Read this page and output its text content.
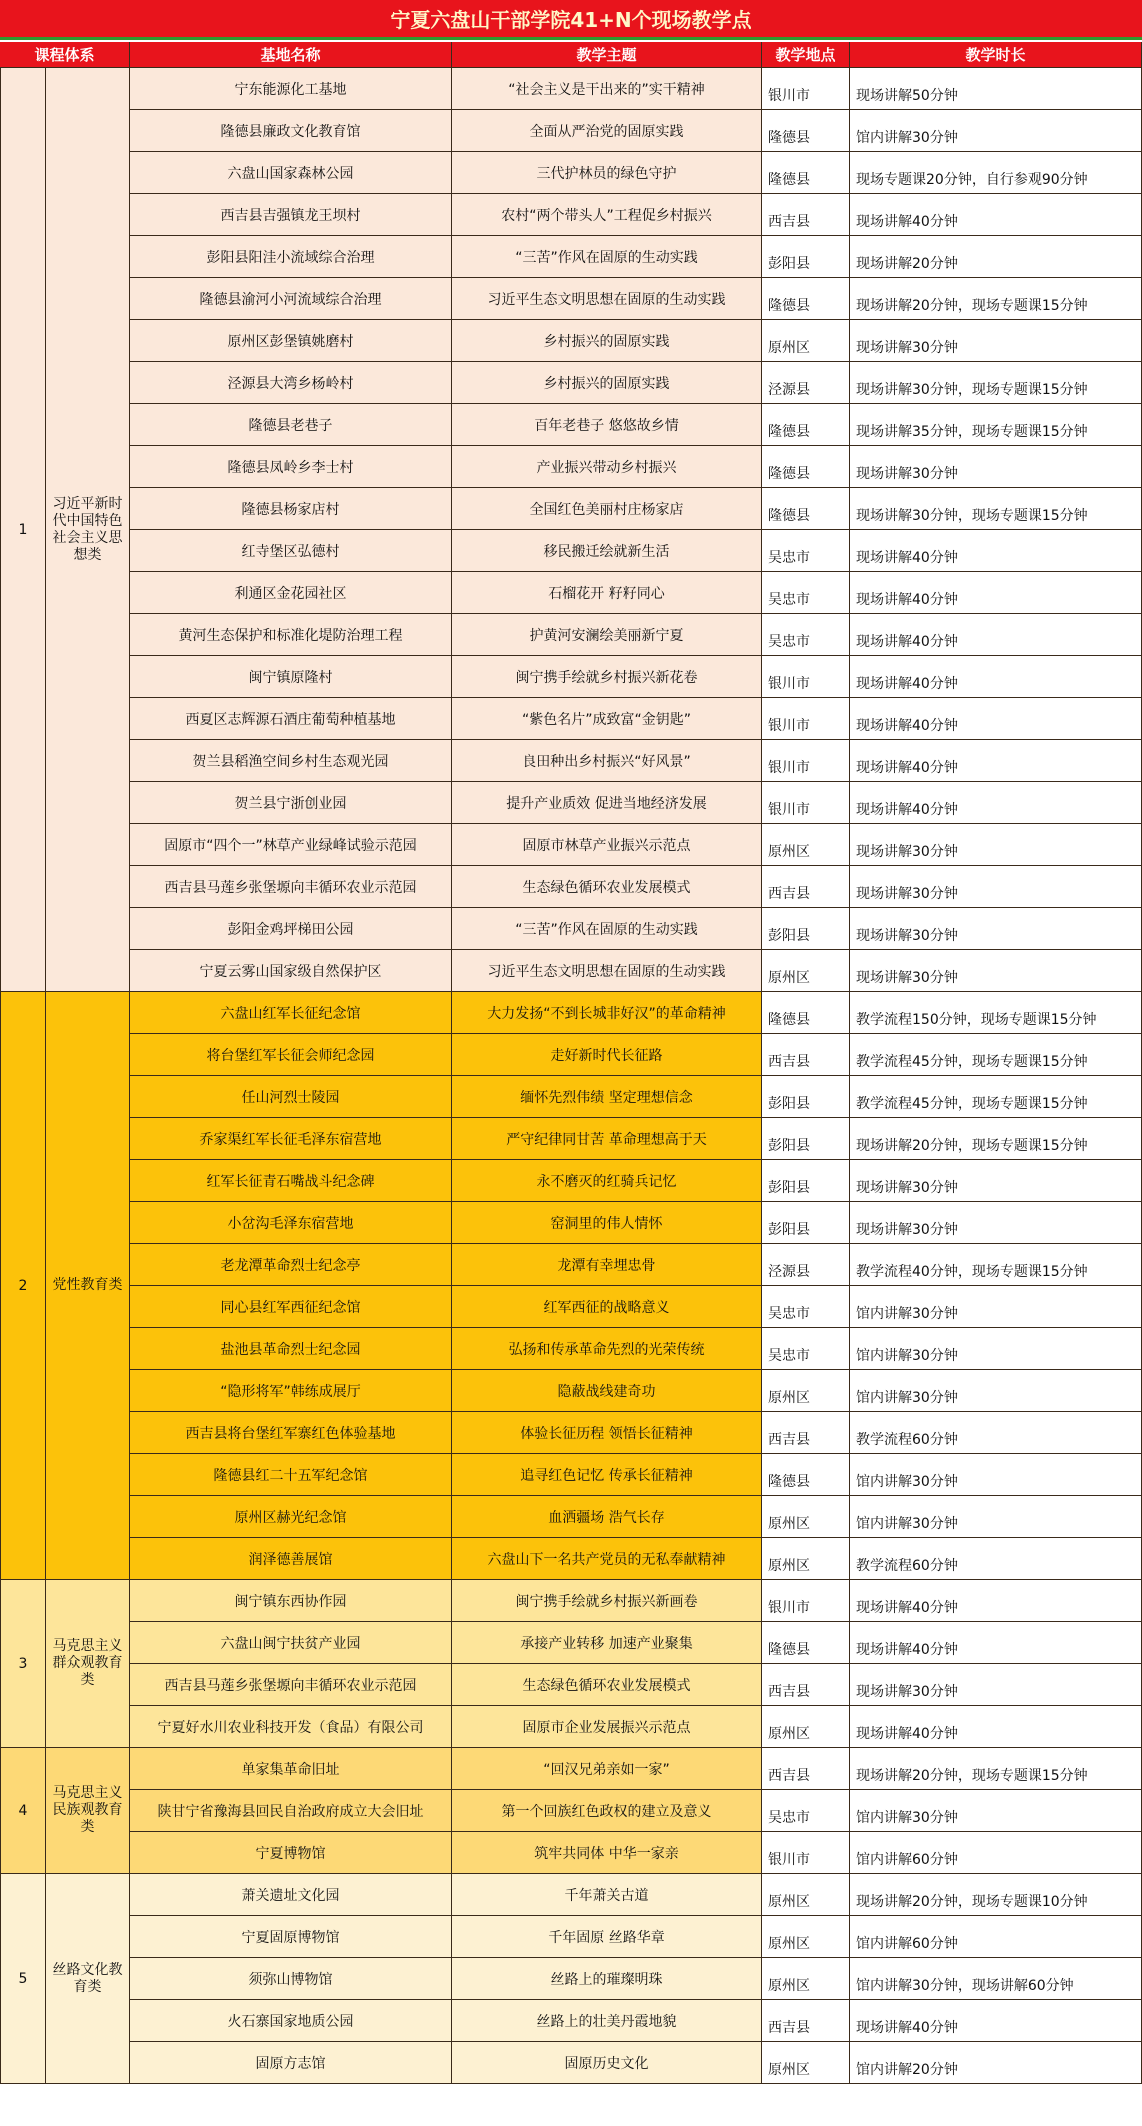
宁夏六盘山干部学院41+N个现场教学点
课程体系	基地名称	教学主题	教学地点	教学时长
1
习近平新时代中国特色社会主义思想类
宁东能源化工基地	“社会主义是干出来的”实干精神	银川市	现场讲解50分钟
隆德县廉政文化教育馆	全面从严治党的固原实践	隆德县	馆内讲解30分钟
六盘山国家森林公园	三代护林员的绿色守护	隆德县	现场专题课20分钟，自行参观90分钟
西吉县吉强镇龙王坝村	农村“两个带头人”工程促乡村振兴	西吉县	现场讲解40分钟
彭阳县阳洼小流域综合治理	“三苦”作风在固原的生动实践	彭阳县	现场讲解20分钟
隆德县渝河小河流域综合治理	习近平生态文明思想在固原的生动实践	隆德县	现场讲解20分钟，现场专题课15分钟
原州区彭堡镇姚磨村	乡村振兴的固原实践	原州区	现场讲解30分钟
泾源县大湾乡杨岭村	乡村振兴的固原实践	泾源县	现场讲解30分钟，现场专题课15分钟
隆德县老巷子	百年老巷子 悠悠故乡情	隆德县	现场讲解35分钟，现场专题课15分钟
隆德县凤岭乡李士村	产业振兴带动乡村振兴	隆德县	现场讲解30分钟
隆德县杨家店村	全国红色美丽村庄杨家店	隆德县	现场讲解30分钟，现场专题课15分钟
红寺堡区弘德村	移民搬迁绘就新生活	吴忠市	现场讲解40分钟
利通区金花园社区	石榴花开 籽籽同心	吴忠市	现场讲解40分钟
黄河生态保护和标准化堤防治理工程	护黄河安澜绘美丽新宁夏	吴忠市	现场讲解40分钟
闽宁镇原隆村	闽宁携手绘就乡村振兴新花卷	银川市	现场讲解40分钟
西夏区志辉源石酒庄葡萄种植基地	“紫色名片”成致富“金钥匙”	银川市	现场讲解40分钟
贺兰县稻渔空间乡村生态观光园	良田种出乡村振兴“好风景”	银川市	现场讲解40分钟
贺兰县宁浙创业园	提升产业质效 促进当地经济发展	银川市	现场讲解40分钟
固原市“四个一”林草产业绿峰试验示范园	固原市林草产业振兴示范点	原州区	现场讲解30分钟
西吉县马莲乡张堡塬向丰循环农业示范园	生态绿色循环农业发展模式	西吉县	现场讲解30分钟
彭阳金鸡坪梯田公园	“三苦”作风在固原的生动实践	彭阳县	现场讲解30分钟
宁夏云雾山国家级自然保护区	习近平生态文明思想在固原的生动实践	原州区	现场讲解30分钟
2	党性教育类
六盘山红军长征纪念馆	大力发扬“不到长城非好汉”的革命精神	隆德县	教学流程150分钟，现场专题课15分钟
将台堡红军长征会师纪念园	走好新时代长征路	西吉县	教学流程45分钟，现场专题课15分钟
任山河烈士陵园	缅怀先烈伟绩 坚定理想信念	彭阳县	教学流程45分钟，现场专题课15分钟
乔家渠红军长征毛泽东宿营地	严守纪律同甘苦 革命理想高于天	彭阳县	现场讲解20分钟，现场专题课15分钟
红军长征青石嘴战斗纪念碑	永不磨灭的红骑兵记忆	彭阳县	现场讲解30分钟
小岔沟毛泽东宿营地	窑洞里的伟人情怀	彭阳县	现场讲解30分钟
老龙潭革命烈士纪念亭	龙潭有幸埋忠骨	泾源县	教学流程40分钟，现场专题课15分钟
同心县红军西征纪念馆	红军西征的战略意义	吴忠市	馆内讲解30分钟
盐池县革命烈士纪念园	弘扬和传承革命先烈的光荣传统	吴忠市	馆内讲解30分钟
“隐形将军”韩练成展厅	隐蔽战线建奇功	原州区	馆内讲解30分钟
西吉县将台堡红军寨红色体验基地	体验长征历程 领悟长征精神	西吉县	教学流程60分钟
隆德县红二十五军纪念馆	追寻红色记忆 传承长征精神	隆德县	馆内讲解30分钟
原州区赫光纪念馆	血洒疆场 浩气长存	原州区	馆内讲解30分钟
润泽德善展馆	六盘山下一名共产党员的无私奉献精神	原州区	教学流程60分钟
3
马克思主义群众观教育类
闽宁镇东西协作园	闽宁携手绘就乡村振兴新画卷	银川市	现场讲解40分钟
六盘山闽宁扶贫产业园	承接产业转移 加速产业聚集	隆德县	现场讲解40分钟
西吉县马莲乡张堡塬向丰循环农业示范园	生态绿色循环农业发展模式	西吉县	现场讲解30分钟
宁夏好水川农业科技开发（食品）有限公司	固原市企业发展振兴示范点	原州区	现场讲解40分钟
4
马克思主义民族观教育类
单家集革命旧址	“回汉兄弟亲如一家”	西吉县	现场讲解20分钟，现场专题课15分钟
陕甘宁省豫海县回民自治政府成立大会旧址	第一个回族红色政权的建立及意义	吴忠市	馆内讲解30分钟
宁夏博物馆	筑牢共同体 中华一家亲	银川市	馆内讲解60分钟
5
丝路文化教育类
萧关遗址文化园	千年萧关古道	原州区	现场讲解20分钟，现场专题课10分钟
宁夏固原博物馆	千年固原 丝路华章	原州区	馆内讲解60分钟
须弥山博物馆	丝路上的璀璨明珠	原州区	馆内讲解30分钟，现场讲解60分钟
火石寨国家地质公园	丝路上的壮美丹霞地貌	西吉县	现场讲解40分钟
固原方志馆	固原历史文化	原州区	馆内讲解20分钟
